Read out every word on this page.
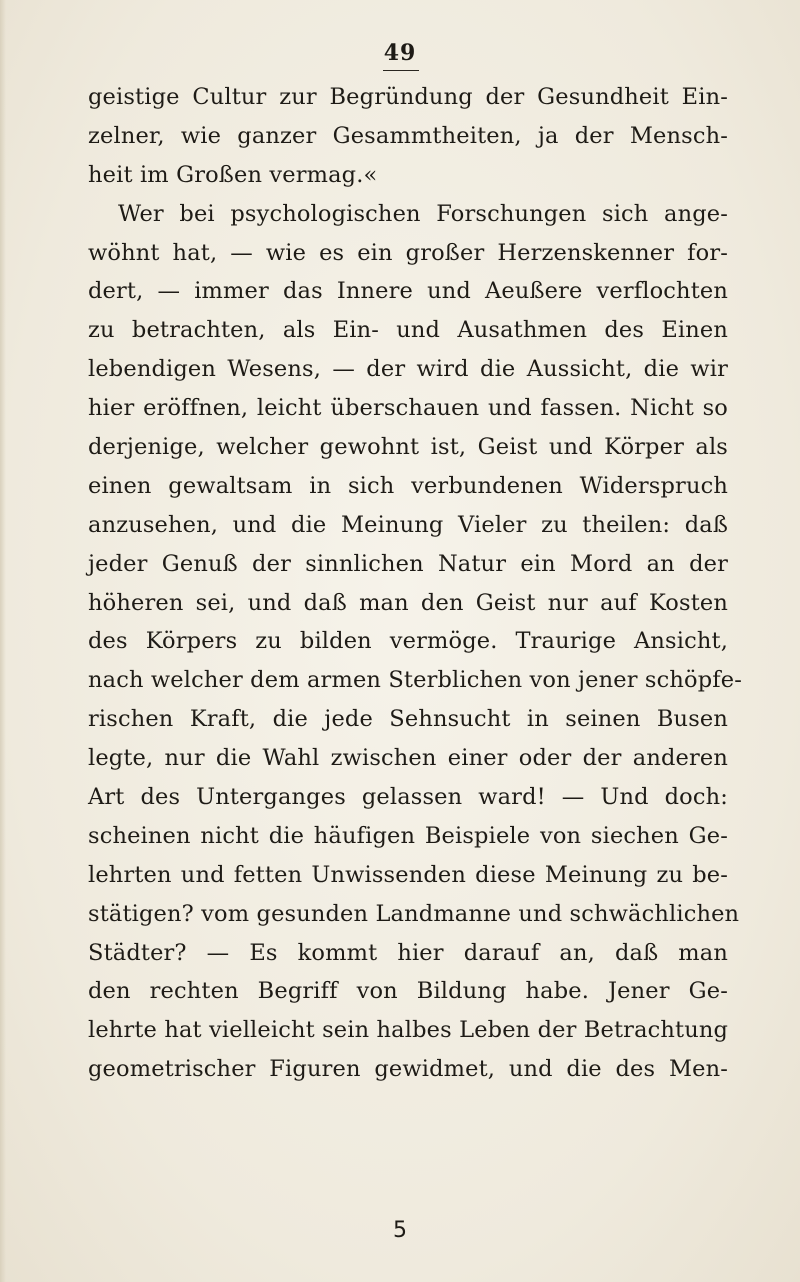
49
geistige Cultur zur Begründung der Gesundheit Ein-
zelner, wie ganzer Gesammtheiten, ja der Mensch-
heit im Großen vermag.«
Wer bei psychologischen Forschungen sich ange-
wöhnt hat, — wie es ein großer Herzenskenner for-
dert, — immer das Innere und Aeußere verflochten
zu betrachten, als Ein- und Ausathmen des Einen
lebendigen Wesens, — der wird die Aussicht, die wir
hier eröffnen, leicht überschauen und fassen. Nicht so
derjenige, welcher gewohnt ist, Geist und Körper als
einen gewaltsam in sich verbundenen Widerspruch
anzusehen, und die Meinung Vieler zu theilen: daß
jeder Genuß der sinnlichen Natur ein Mord an der
höheren sei, und daß man den Geist nur auf Kosten
des Körpers zu bilden vermöge. Traurige Ansicht,
nach welcher dem armen Sterblichen von jener schöpfe-
rischen Kraft, die jede Sehnsucht in seinen Busen
legte, nur die Wahl zwischen einer oder der anderen
Art des Unterganges gelassen ward! — Und doch:
scheinen nicht die häufigen Beispiele von siechen Ge-
lehrten und fetten Unwissenden diese Meinung zu be-
stätigen? vom gesunden Landmanne und schwächlichen
Städter? — Es kommt hier darauf an, daß man
den rechten Begriff von Bildung habe. Jener Ge-
lehrte hat vielleicht sein halbes Leben der Betrachtung
geometrischer Figuren gewidmet, und die des Men-
5
